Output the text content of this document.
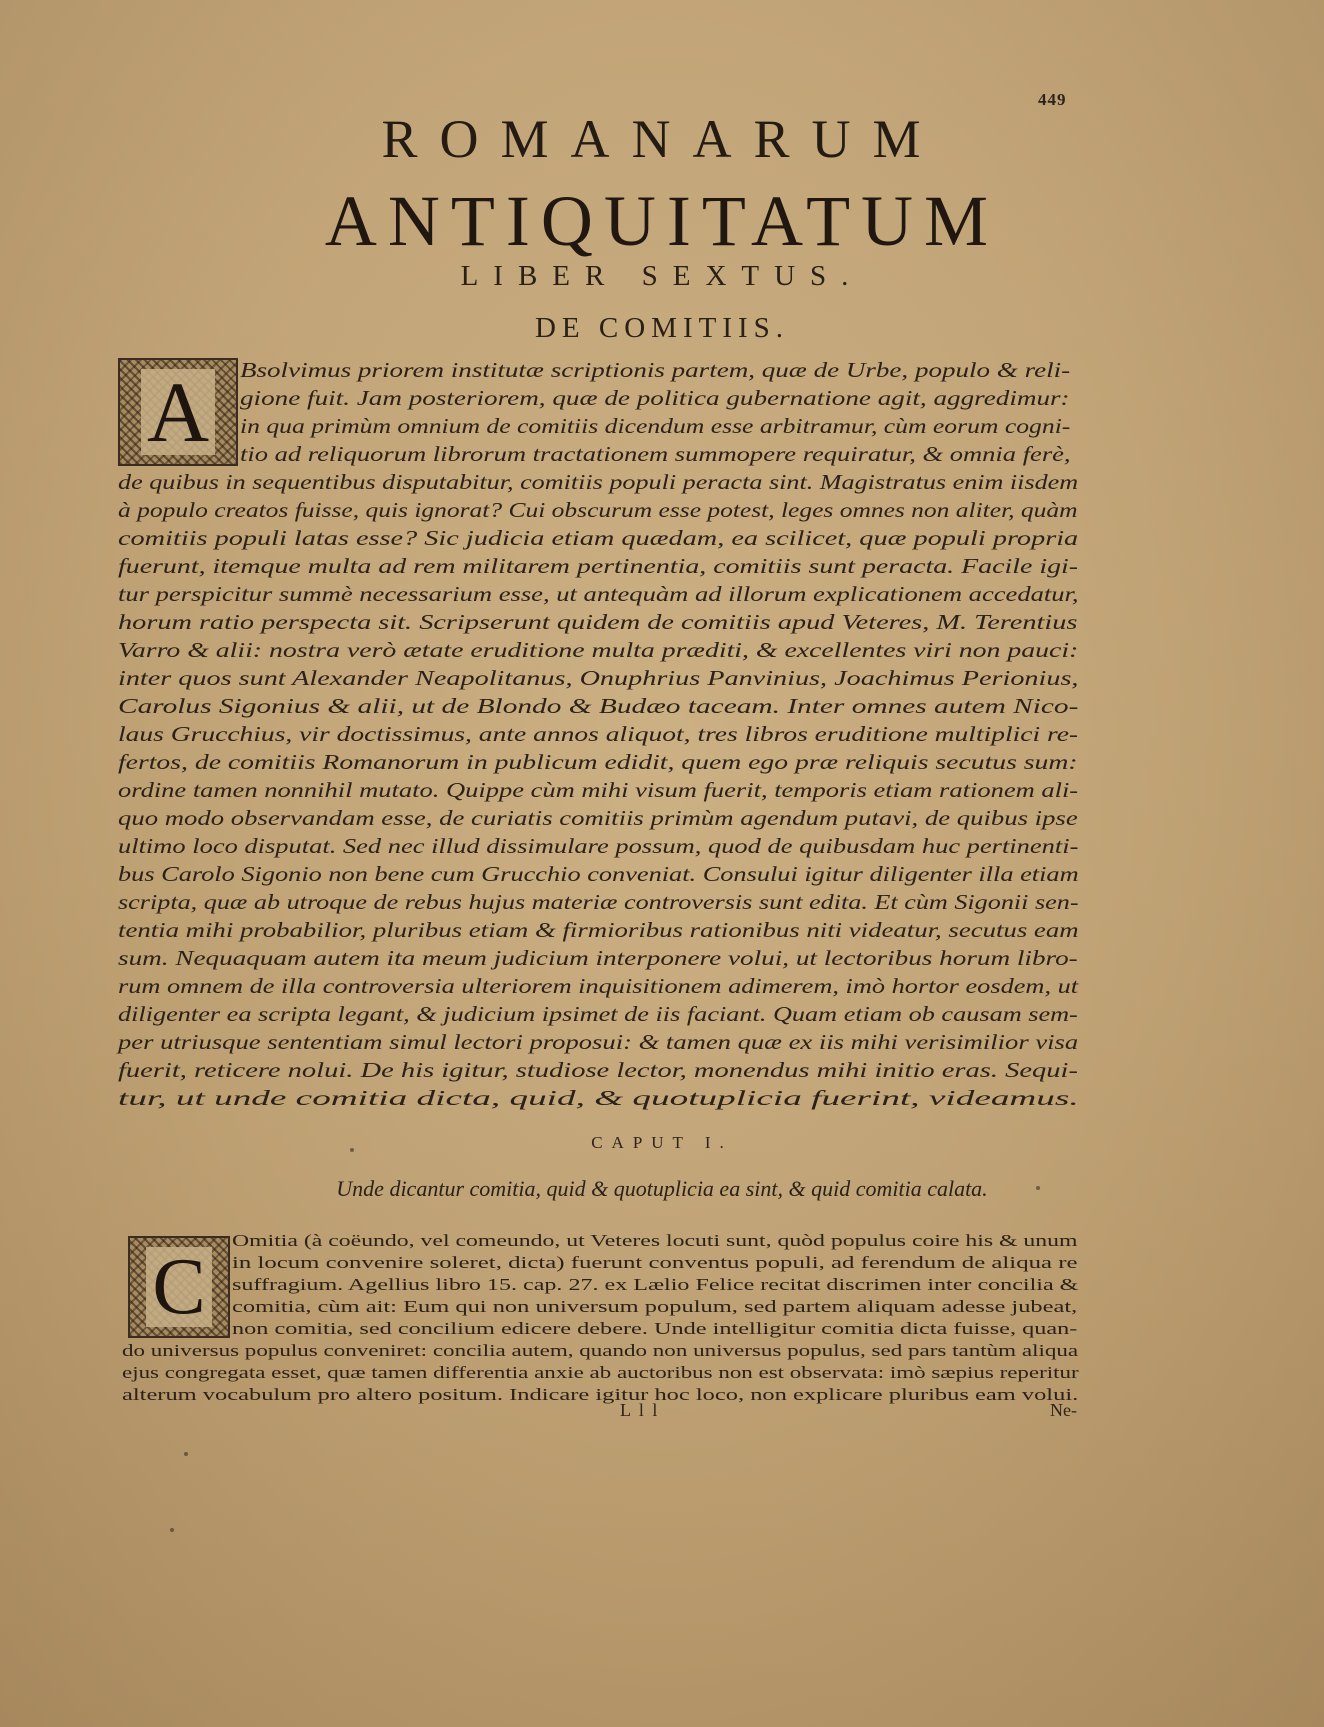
449
ROMANARUM
ANTIQUITATUM
LIBER SEXTUS.
DE COMITIIS.
A Bsolvimus priorem institutæ scriptionis partem, quæ de Urbe, populo & reli-
gione fuit. Jam posteriorem, quæ de politica gubernatione agit, aggredimur:
in qua primùm omnium de comitiis dicendum esse arbitramur, cùm eorum cogni-
tio ad reliquorum librorum tractationem summopere requiratur, & omnia ferè,
de quibus in sequentibus disputabitur, comitiis populi peracta sint. Magistratus enim iisdem
à populo creatos fuisse, quis ignorat? Cui obscurum esse potest, leges omnes non aliter, quàm
comitiis populi latas esse? Sic judicia etiam quædam, ea scilicet, quæ populi propria
fuerunt, itemque multa ad rem militarem pertinentia, comitiis sunt peracta. Facile igi-
tur perspicitur summè necessarium esse, ut antequàm ad illorum explicationem accedatur,
horum ratio perspecta sit. Scripserunt quidem de comitiis apud Veteres, M. Terentius
Varro & alii: nostra verò ætate eruditione multa præditi, & excellentes viri non pauci:
inter quos sunt Alexander Neapolitanus, Onuphrius Panvinius, Joachimus Perionius,
Carolus Sigonius & alii, ut de Blondo & Budæo taceam. Inter omnes autem Nico-
laus Grucchius, vir doctissimus, ante annos aliquot, tres libros eruditione multiplici re-
fertos, de comitiis Romanorum in publicum edidit, quem ego præ reliquis secutus sum:
ordine tamen nonnihil mutato. Quippe cùm mihi visum fuerit, temporis etiam rationem ali-
quo modo observandam esse, de curiatis comitiis primùm agendum putavi, de quibus ipse
ultimo loco disputat. Sed nec illud dissimulare possum, quod de quibusdam huc pertinenti-
bus Carolo Sigonio non bene cum Grucchio conveniat. Consului igitur diligenter illa etiam
scripta, quæ ab utroque de rebus hujus materiæ controversis sunt edita. Et cùm Sigonii sen-
tentia mihi probabilior, pluribus etiam & firmioribus rationibus niti videatur, secutus eam
sum. Nequaquam autem ita meum judicium interponere volui, ut lectoribus horum libro-
rum omnem de illa controversia ulteriorem inquisitionem adimerem, imò hortor eosdem, ut
diligenter ea scripta legant, & judicium ipsimet de iis faciant. Quam etiam ob causam sem-
per utriusque sententiam simul lectori proposui: & tamen quæ ex iis mihi verisimilior visa
fuerit, reticere nolui. De his igitur, studiose lector, monendus mihi initio eras. Sequi-
tur, ut unde comitia dicta, quid, & quotuplicia fuerint, videamus.
CAPUT I.
Unde dicantur comitia, quid & quotuplicia ea sint, & quid comitia calata.
C
Omitia (à coëundo, vel comeundo, ut Veteres locuti sunt, quòd populus coire his & unum
in locum convenire soleret, dicta) fuerunt conventus populi, ad ferendum de aliqua re
suffragium. Agellius libro 15. cap. 27. ex Lælio Felice recitat discrimen inter concilia &
comitia, cùm ait: Eum qui non universum populum, sed partem aliquam adesse jubeat,
non comitia, sed concilium edicere debere. Unde intelligitur comitia dicta fuisse, quan-
do universus populus conveniret: concilia autem, quando non universus populus, sed pars tantùm aliqua
ejus congregata esset, quæ tamen differentia anxie ab auctoribus non est observata: imò sæpius reperitur
alterum vocabulum pro altero positum. Indicare igitur hoc loco, non explicare pluribus eam volui.
L l l	Ne-
